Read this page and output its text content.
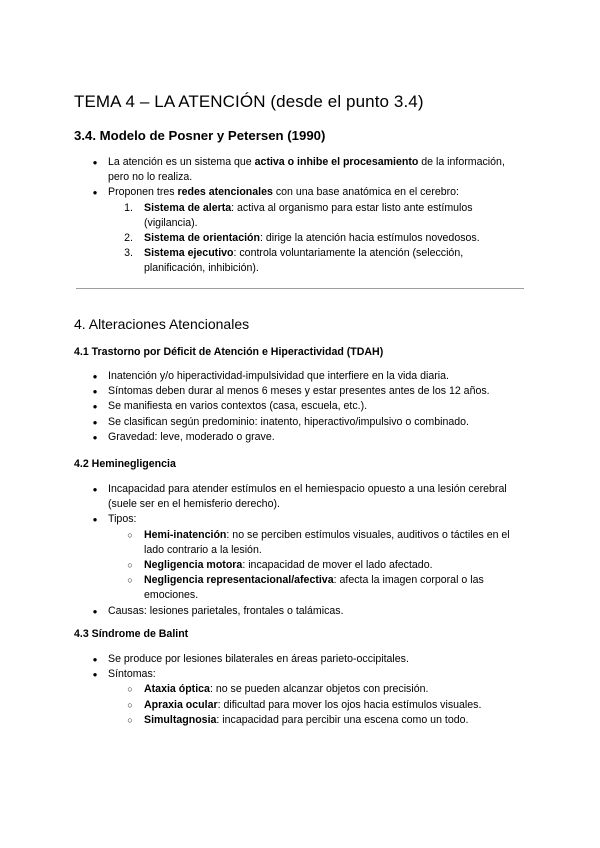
TEMA 4 – LA ATENCIÓN (desde el punto 3.4)
3.4. Modelo de Posner y Petersen (1990)
● La atención es un sistema que activa o inhibe el procesamiento de la información, pero no lo realiza.
● Proponen tres redes atencionales con una base anatómica en el cerebro:
1. Sistema de alerta: activa al organismo para estar listo ante estímulos (vigilancia).
2. Sistema de orientación: dirige la atención hacia estímulos novedosos.
3. Sistema ejecutivo: controla voluntariamente la atención (selección, planificación, inhibición).
4. Alteraciones Atencionales
4.1 Trastorno por Déficit de Atención e Hiperactividad (TDAH)
● Inatención y/o hiperactividad-impulsividad que interfiere en la vida diaria.
● Síntomas deben durar al menos 6 meses y estar presentes antes de los 12 años.
● Se manifiesta en varios contextos (casa, escuela, etc.).
● Se clasifican según predominio: inatento, hiperactivo/impulsivo o combinado.
● Gravedad: leve, moderado o grave.
4.2 Heminegligencia
● Incapacidad para atender estímulos en el hemiespacio opuesto a una lesión cerebral (suele ser en el hemisferio derecho).
● Tipos:
○	Hemi-inatención: no se perciben estímulos visuales, auditivos o táctiles en el lado contrario a la lesión.
○	Negligencia motora: incapacidad de mover el lado afectado.
○	Negligencia representacional/afectiva: afecta la imagen corporal o las emociones.
● Causas: lesiones parietales, frontales o talámicas.
4.3 Síndrome de Balint
● Se produce por lesiones bilaterales en áreas parieto-occipitales.
● Síntomas:
○	Ataxia óptica: no se pueden alcanzar objetos con precisión.
○	Apraxia ocular: dificultad para mover los ojos hacia estímulos visuales.
○	Simultagnosia: incapacidad para percibir una escena como un todo.
